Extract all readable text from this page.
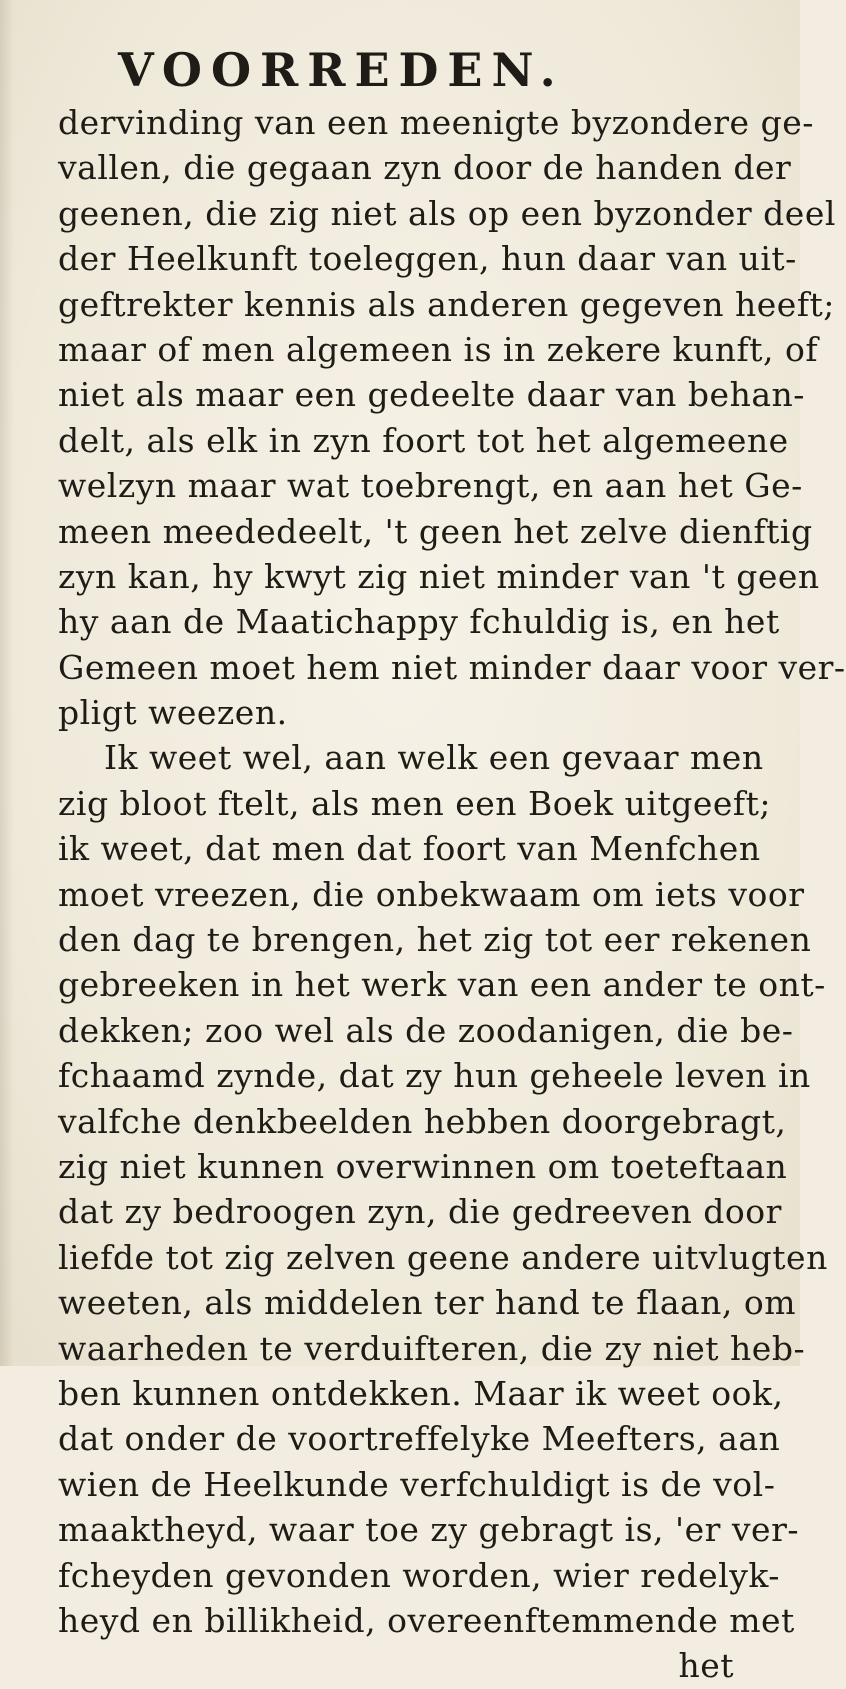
VOORREDEN.
dervinding van een meenigte byzondere ge-
vallen, die gegaan zyn door de handen der
geenen, die zig niet als op een byzonder deel
der Heelkunft toeleggen, hun daar van uit-
geftrekter kennis als anderen gegeven heeft;
maar of men algemeen is in zekere kunft, of
niet als maar een gedeelte daar van behan-
delt, als elk in zyn foort tot het algemeene
welzyn maar wat toebrengt, en aan het Ge-
meen meededeelt, 't geen het zelve dienftig
zyn kan, hy kwyt zig niet minder van 't geen
hy aan de Maatichappy fchuldig is, en het
Gemeen moet hem niet minder daar voor ver-
pligt weezen.
Ik weet wel, aan welk een gevaar men
zig bloot ftelt, als men een Boek uitgeeft;
ik weet, dat men dat foort van Menfchen
moet vreezen, die onbekwaam om iets voor
den dag te brengen, het zig tot eer rekenen
gebreeken in het werk van een ander te ont-
dekken; zoo wel als de zoodanigen, die be-
fchaamd zynde, dat zy hun geheele leven in
valfche denkbeelden hebben doorgebragt,
zig niet kunnen overwinnen om toeteftaan
dat zy bedroogen zyn, die gedreeven door
liefde tot zig zelven geene andere uitvlugten
weeten, als middelen ter hand te flaan, om
waarheden te verduifteren, die zy niet heb-
ben kunnen ontdekken. Maar ik weet ook,
dat onder de voortreffelyke Meefters, aan
wien de Heelkunde verfchuldigt is de vol-
maaktheyd, waar toe zy gebragt is, 'er ver-
fcheyden gevonden worden, wier redelyk-
heyd en billikheid, overeenftemmende met
het
